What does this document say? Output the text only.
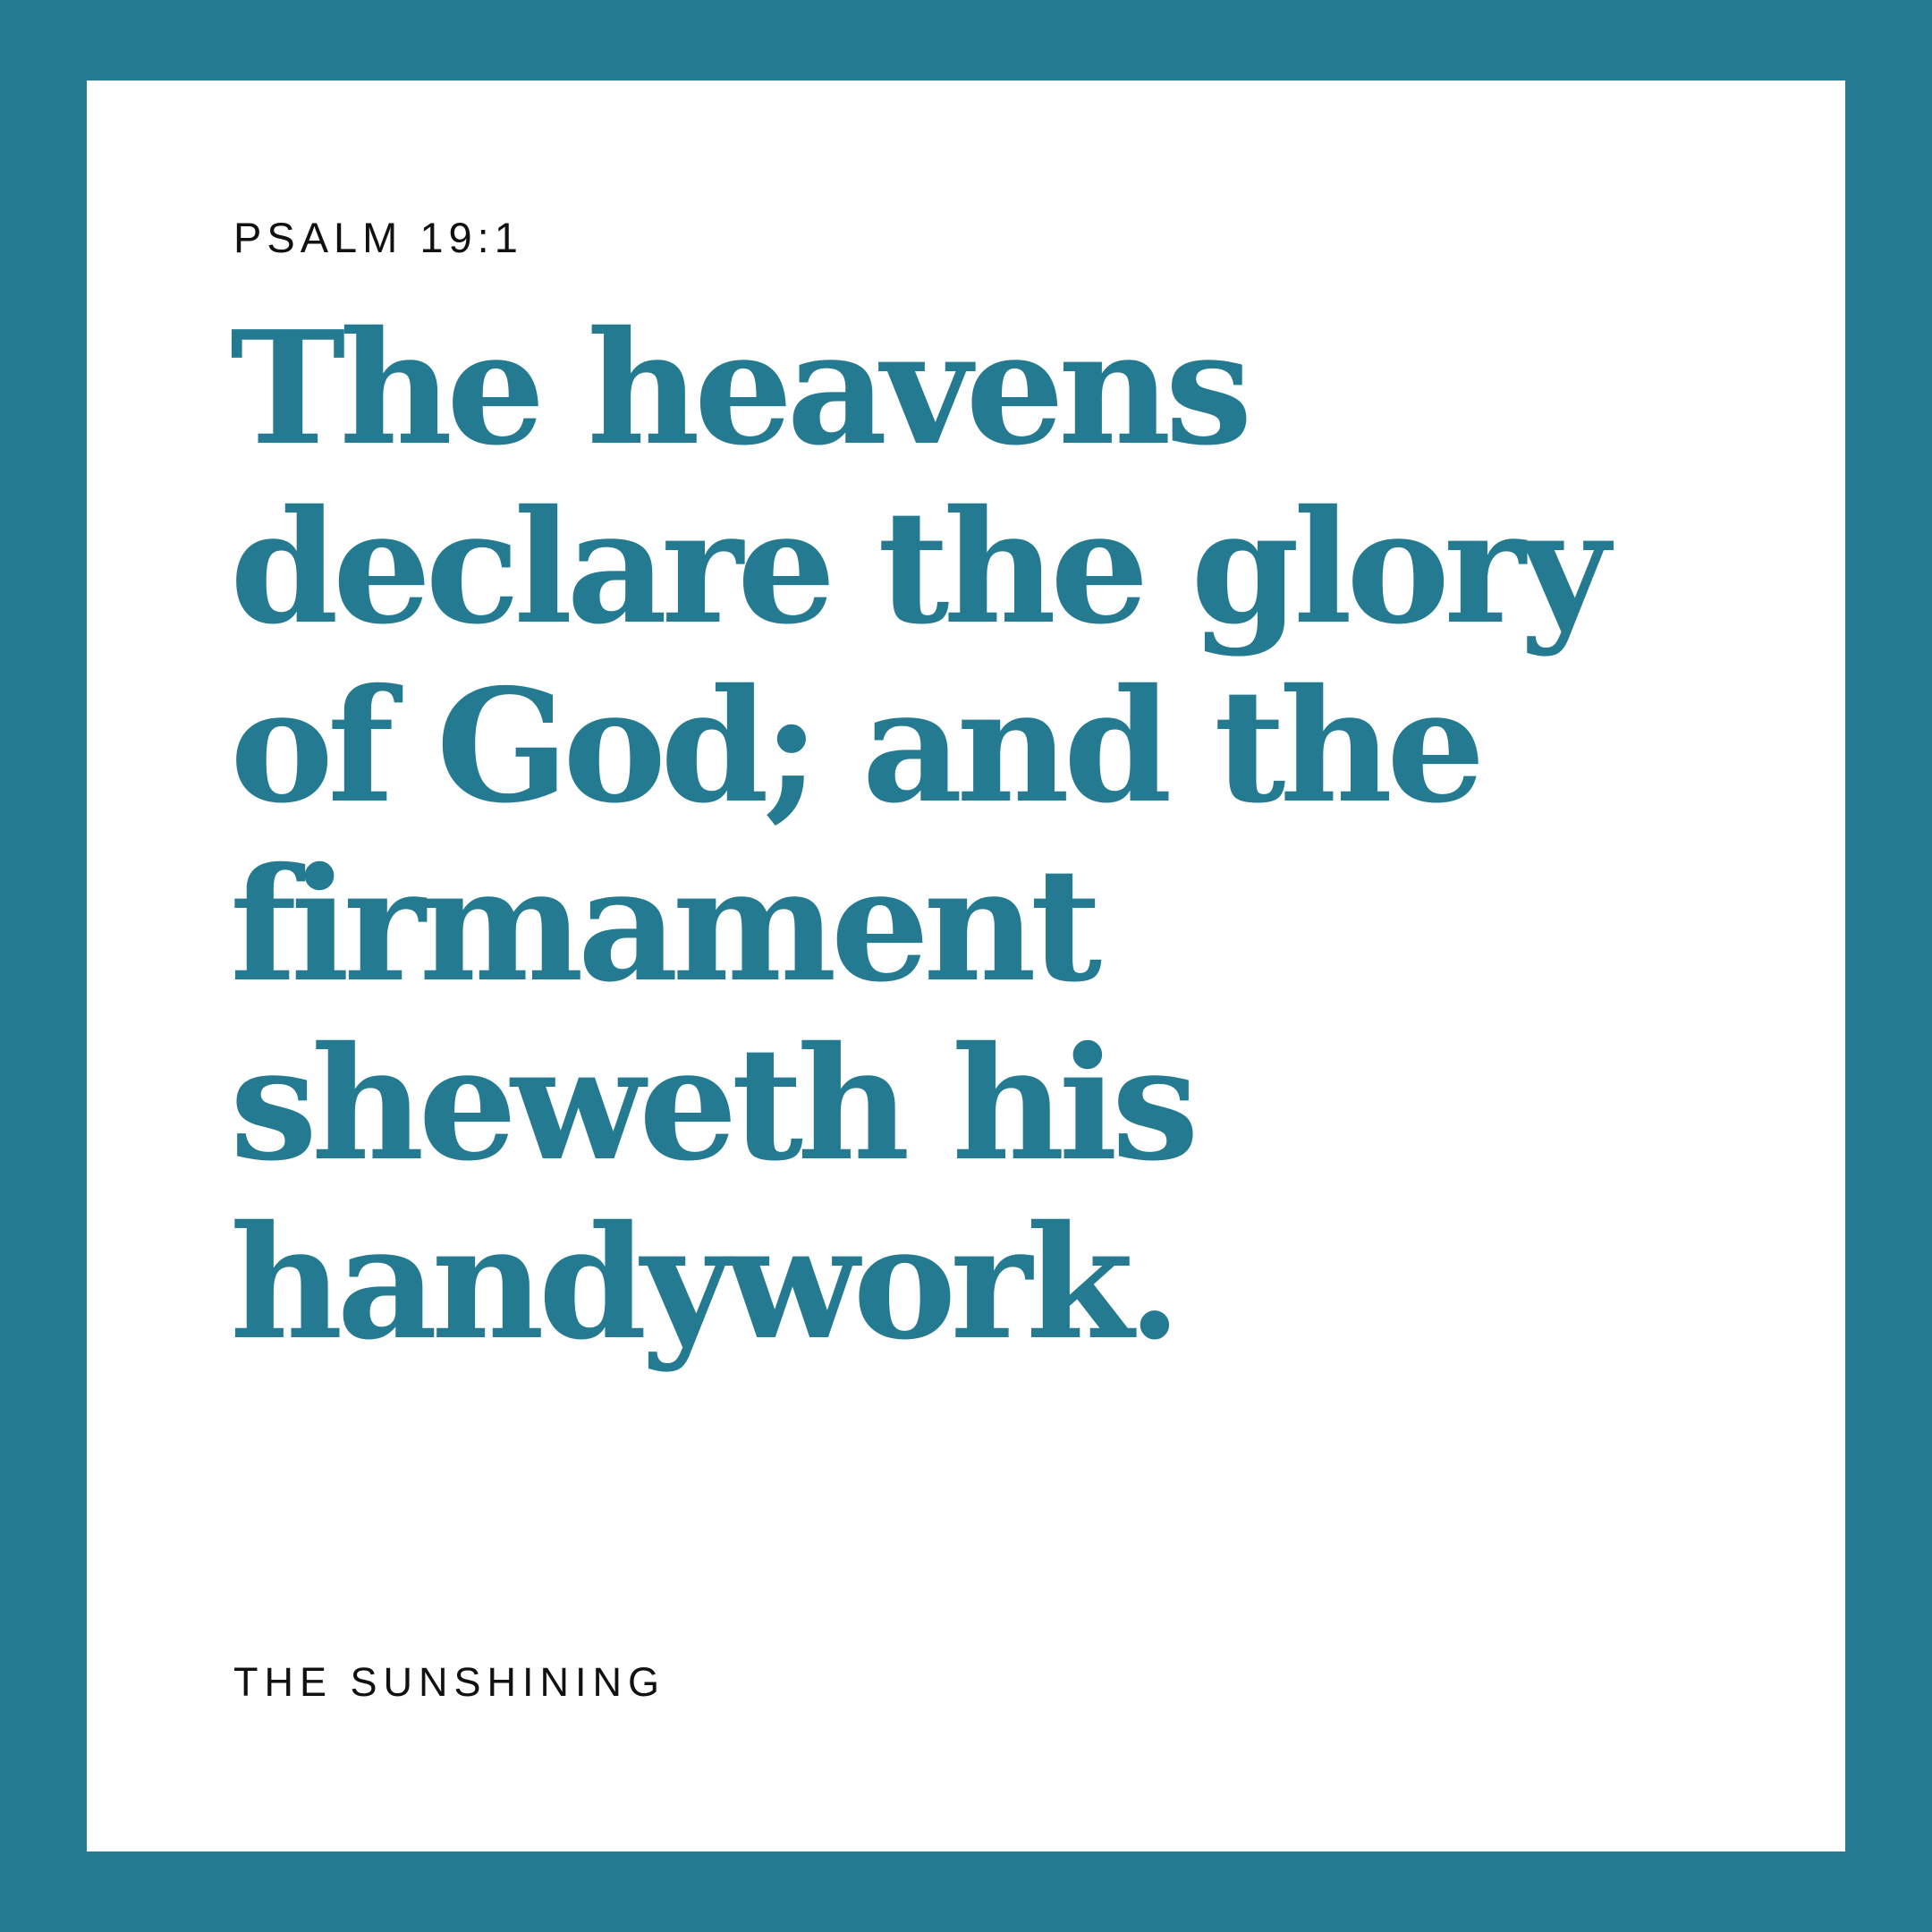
PSALM 19:1

The heavens declare the glory of God; and the firmament sheweth his handywork.

THE SUNSHINING
